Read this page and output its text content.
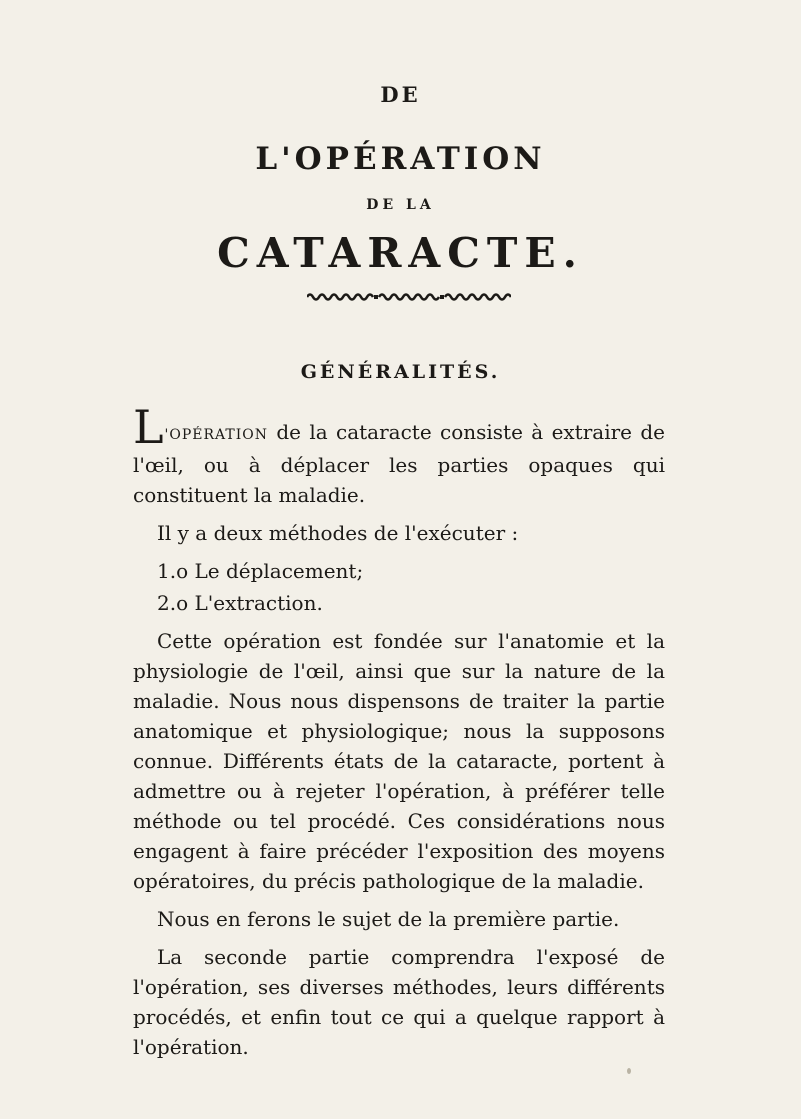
DE
L'OPÉRATION
DE LA
CATARACTE.
GÉNÉRALITÉS.

L'OPÉRATION de la cataracte consiste à extraire de l'œil, ou à déplacer les parties opaques qui constituent la maladie.

Il y a deux méthodes de l'exécuter :

1.o Le déplacement;

2.o L'extraction.

Cette opération est fondée sur l'anatomie et la physiologie de l'œil, ainsi que sur la nature de la maladie. Nous nous dispensons de traiter la partie anatomique et physiologique; nous la supposons connue. Différents états de la cataracte, portent à admettre ou à rejeter l'opération, à préférer telle méthode ou tel procédé. Ces considérations nous engagent à faire précéder l'exposition des moyens opératoires, du précis pathologique de la maladie.

Nous en ferons le sujet de la première partie.

La seconde partie comprendra l'exposé de l'opération, ses diverses méthodes, leurs différents procédés, et enfin tout ce qui a quelque rapport à l'opération.
